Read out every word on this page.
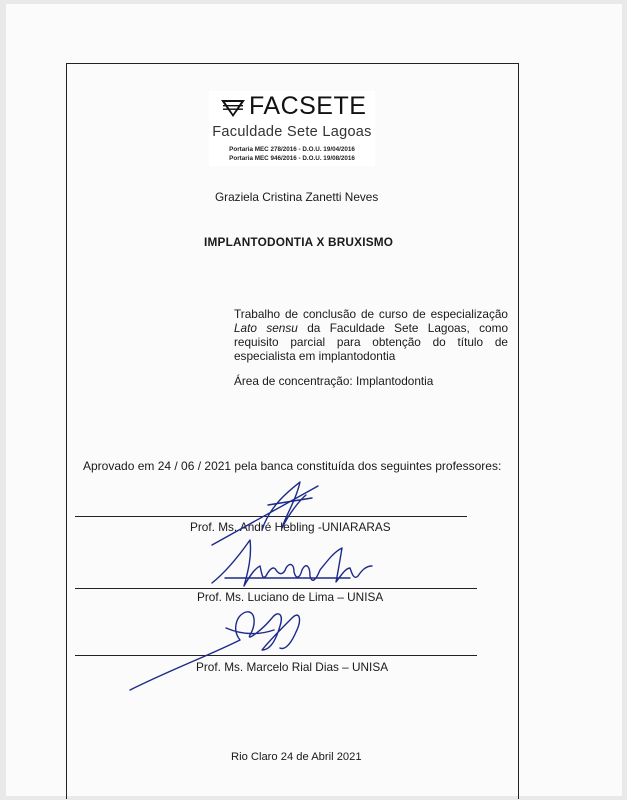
FACSETE
Faculdade Sete Lagoas
Portaria MEC 278/2016 - D.O.U. 19/04/2016
Portaria MEC 946/2016 - D.O.U. 19/08/2016
Graziela Cristina Zanetti Neves
IMPLANTODONTIA X BRUXISMO
Trabalho de conclusão de curso de especialização Lato sensu da Faculdade Sete Lagoas, como requisito parcial para obtenção do título de especialista em implantodontia
Área de concentração: Implantodontia
Aprovado em 24 / 06 / 2021 pela banca constituída dos seguintes professores:
Prof. Ms. André Hebling -UNIARARAS
Prof. Ms. Luciano de Lima – UNISA
Prof. Ms. Marcelo Rial Dias – UNISA
Rio Claro 24 de Abril 2021
